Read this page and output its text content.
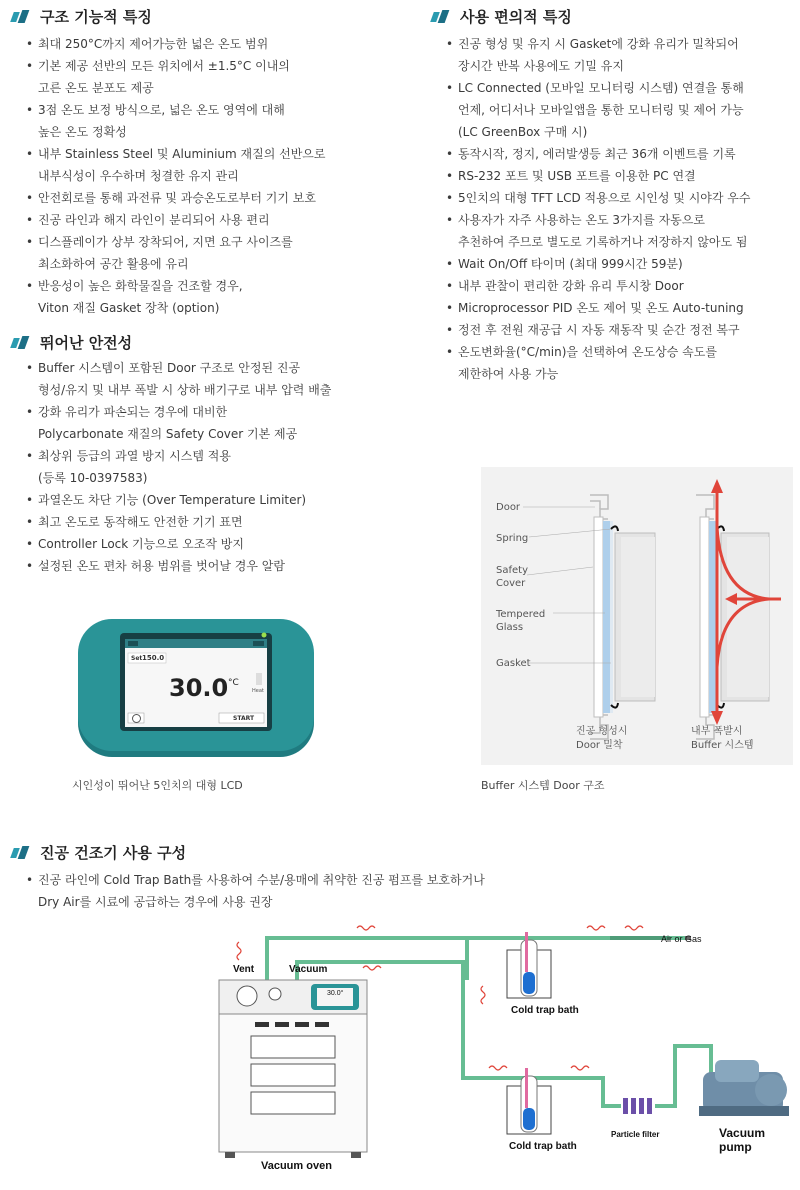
구조 기능적 특징
• 최대 250°C까지 제어가능한 넓은 온도 범위
• 기본 제공 선반의 모든 위치에서 ±1.5°C 이내의
고른 온도 분포도 제공
• 3점 온도 보정 방식으로, 넓은 온도 영역에 대해
높은 온도 정확성
• 내부 Stainless Steel 및 Aluminium 재질의 선반으로
내부식성이 우수하며 청결한 유지 관리
• 안전회로를 통해 과전류 및 과승온도로부터 기기 보호
• 진공 라인과 해지 라인이 분리되어 사용 편리
• 디스플레이가 상부 장착되어, 지면 요구 사이즈를
최소화하여 공간 활용에 유리
• 반응성이 높은 화학물질을 건조할 경우,
Viton 재질 Gasket 장착 (option)
뛰어난 안전성
• Buffer 시스템이 포함된 Door 구조로 안정된 진공
형성/유지 및 내부 폭발 시 상하 배기구로 내부 압력 배출
• 강화 유리가 파손되는 경우에 대비한
Polycarbonate 재질의 Safety Cover 기본 제공
• 최상위 등급의 과열 방지 시스템 적용
(등록 10-0397583)
• 과열온도 차단 기능 (Over Temperature Limiter)
• 최고 온도로 동작해도 안전한 기기 표면
• Controller Lock 기능으로 오조작 방지
• 설정된 온도 편차 허용 범위를 벗어날 경우 알람
사용 편의적 특징
• 진공 형성 및 유지 시 Gasket에 강화 유리가 밀착되어
장시간 반복 사용에도 기밀 유지
• LC Connected (모바일 모니터링 시스템) 연결을 통해
언제, 어디서나 모바일앱을 통한 모니터링 및 제어 가능
(LC GreenBox 구매 시)
• 동작시작, 정지, 에러발생등 최근 36개 이벤트를 기록
• RS-232 포트 및 USB 포트를 이용한 PC 연결
• 5인치의 대형 TFT LCD 적용으로 시인성 및 시야각 우수
• 사용자가 자주 사용하는 온도 3가지를 자동으로
추천하여 주므로 별도로 기록하거나 저장하지 않아도 됨
• Wait On/Off 타이머 (최대 999시간 59분)
• 내부 관찰이 편리한 강화 유리 투시창 Door
• Microprocessor PID 온도 제어 및 온도 Auto-tuning
• 정전 후 전원 재공급 시 자동 재동작 및 순간 정전 복구
• 온도변화율(°C/min)을 선택하여 온도상승 속도를
제한하여 사용 가능
Set 150.0
30.0 °C
Heat
START
시인성이 뛰어난 5인치의 대형 LCD
Door
Spring
Safety
Cover
Tempered
Glass
Gasket
진공 형성시
Door 밀착
내부 폭발시
Buffer 시스템
Buffer 시스템 Door 구조
진공 건조기 사용 구성
• 진공 라인에 Cold Trap Bath를 사용하여 수분/용매에 취약한 진공 펌프를 보호하거나
Dry Air를 시료에 공급하는 경우에 사용 권장
Vent	Vacuum
Air or Gas
Cold trap bath
Cold trap bath
Particle filter	Vacuum pump
Vacuum oven
30.0°
